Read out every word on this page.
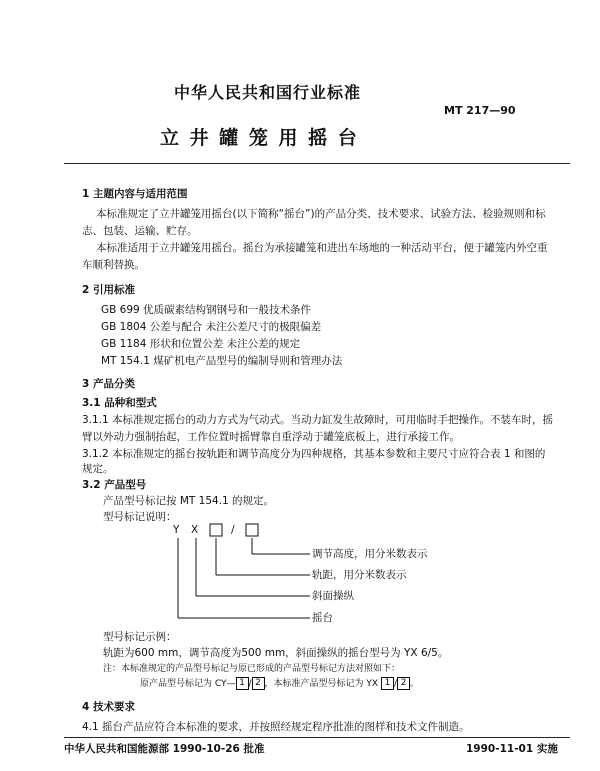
中华人民共和国行业标准
MT 217—90
立 井 罐 笼 用 摇 台
1 主题内容与适用范围
本标准规定了立井罐笼用摇台(以下简称“摇台”)的产品分类、技术要求、试验方法、检验规则和标
志、包装、运输、贮存。
本标准适用于立井罐笼用摇台。摇台为承接罐笼和进出车场地的一种活动平台，便于罐笼内外空重
车顺利替换。
2 引用标准
GB 699 优质碳素结构钢钢号和一般技术条件
GB 1804 公差与配合 未注公差尺寸的极限偏差
GB 1184 形状和位置公差 未注公差的规定
MT 154.1 煤矿机电产品型号的编制导则和管理办法
3 产品分类
3.1 品种和型式
3.1.1 本标准规定摇台的动力方式为气动式。当动力缸发生故障时，可用临时手把操作。不装车时，摇
臂以外动力强制抬起，工作位置时摇臂靠自重浮动于罐笼底板上，进行承接工作。
3.1.2 本标准规定的摇台按轨距和调节高度分为四种规格，其基本参数和主要尺寸应符合表 1 和图的
规定。
3.2 产品型号
产品型号标记按 MT 154.1 的规定。
型号标记说明：
Y X	/
调节高度，用分米数表示
轨距，用分米数表示
斜面操纵
摇台
型号标记示例：
轨距为600 mm，调节高度为500 mm，斜面操纵的摇台型号为 YX 6/5。
注：本标准规定的产品型号标记与原已形成的产品型号标记方法对照如下：
原产品型号标记为 CY— 1 / 2 ，本标准产品型号标记为 YX 1 / 2 。
4 技术要求
4.1 摇台产品应符合本标准的要求，并按照经规定程序批准的图样和技术文件制造。
中华人民共和国能源部 1990-10-26 批准	1990-11-01 实施
